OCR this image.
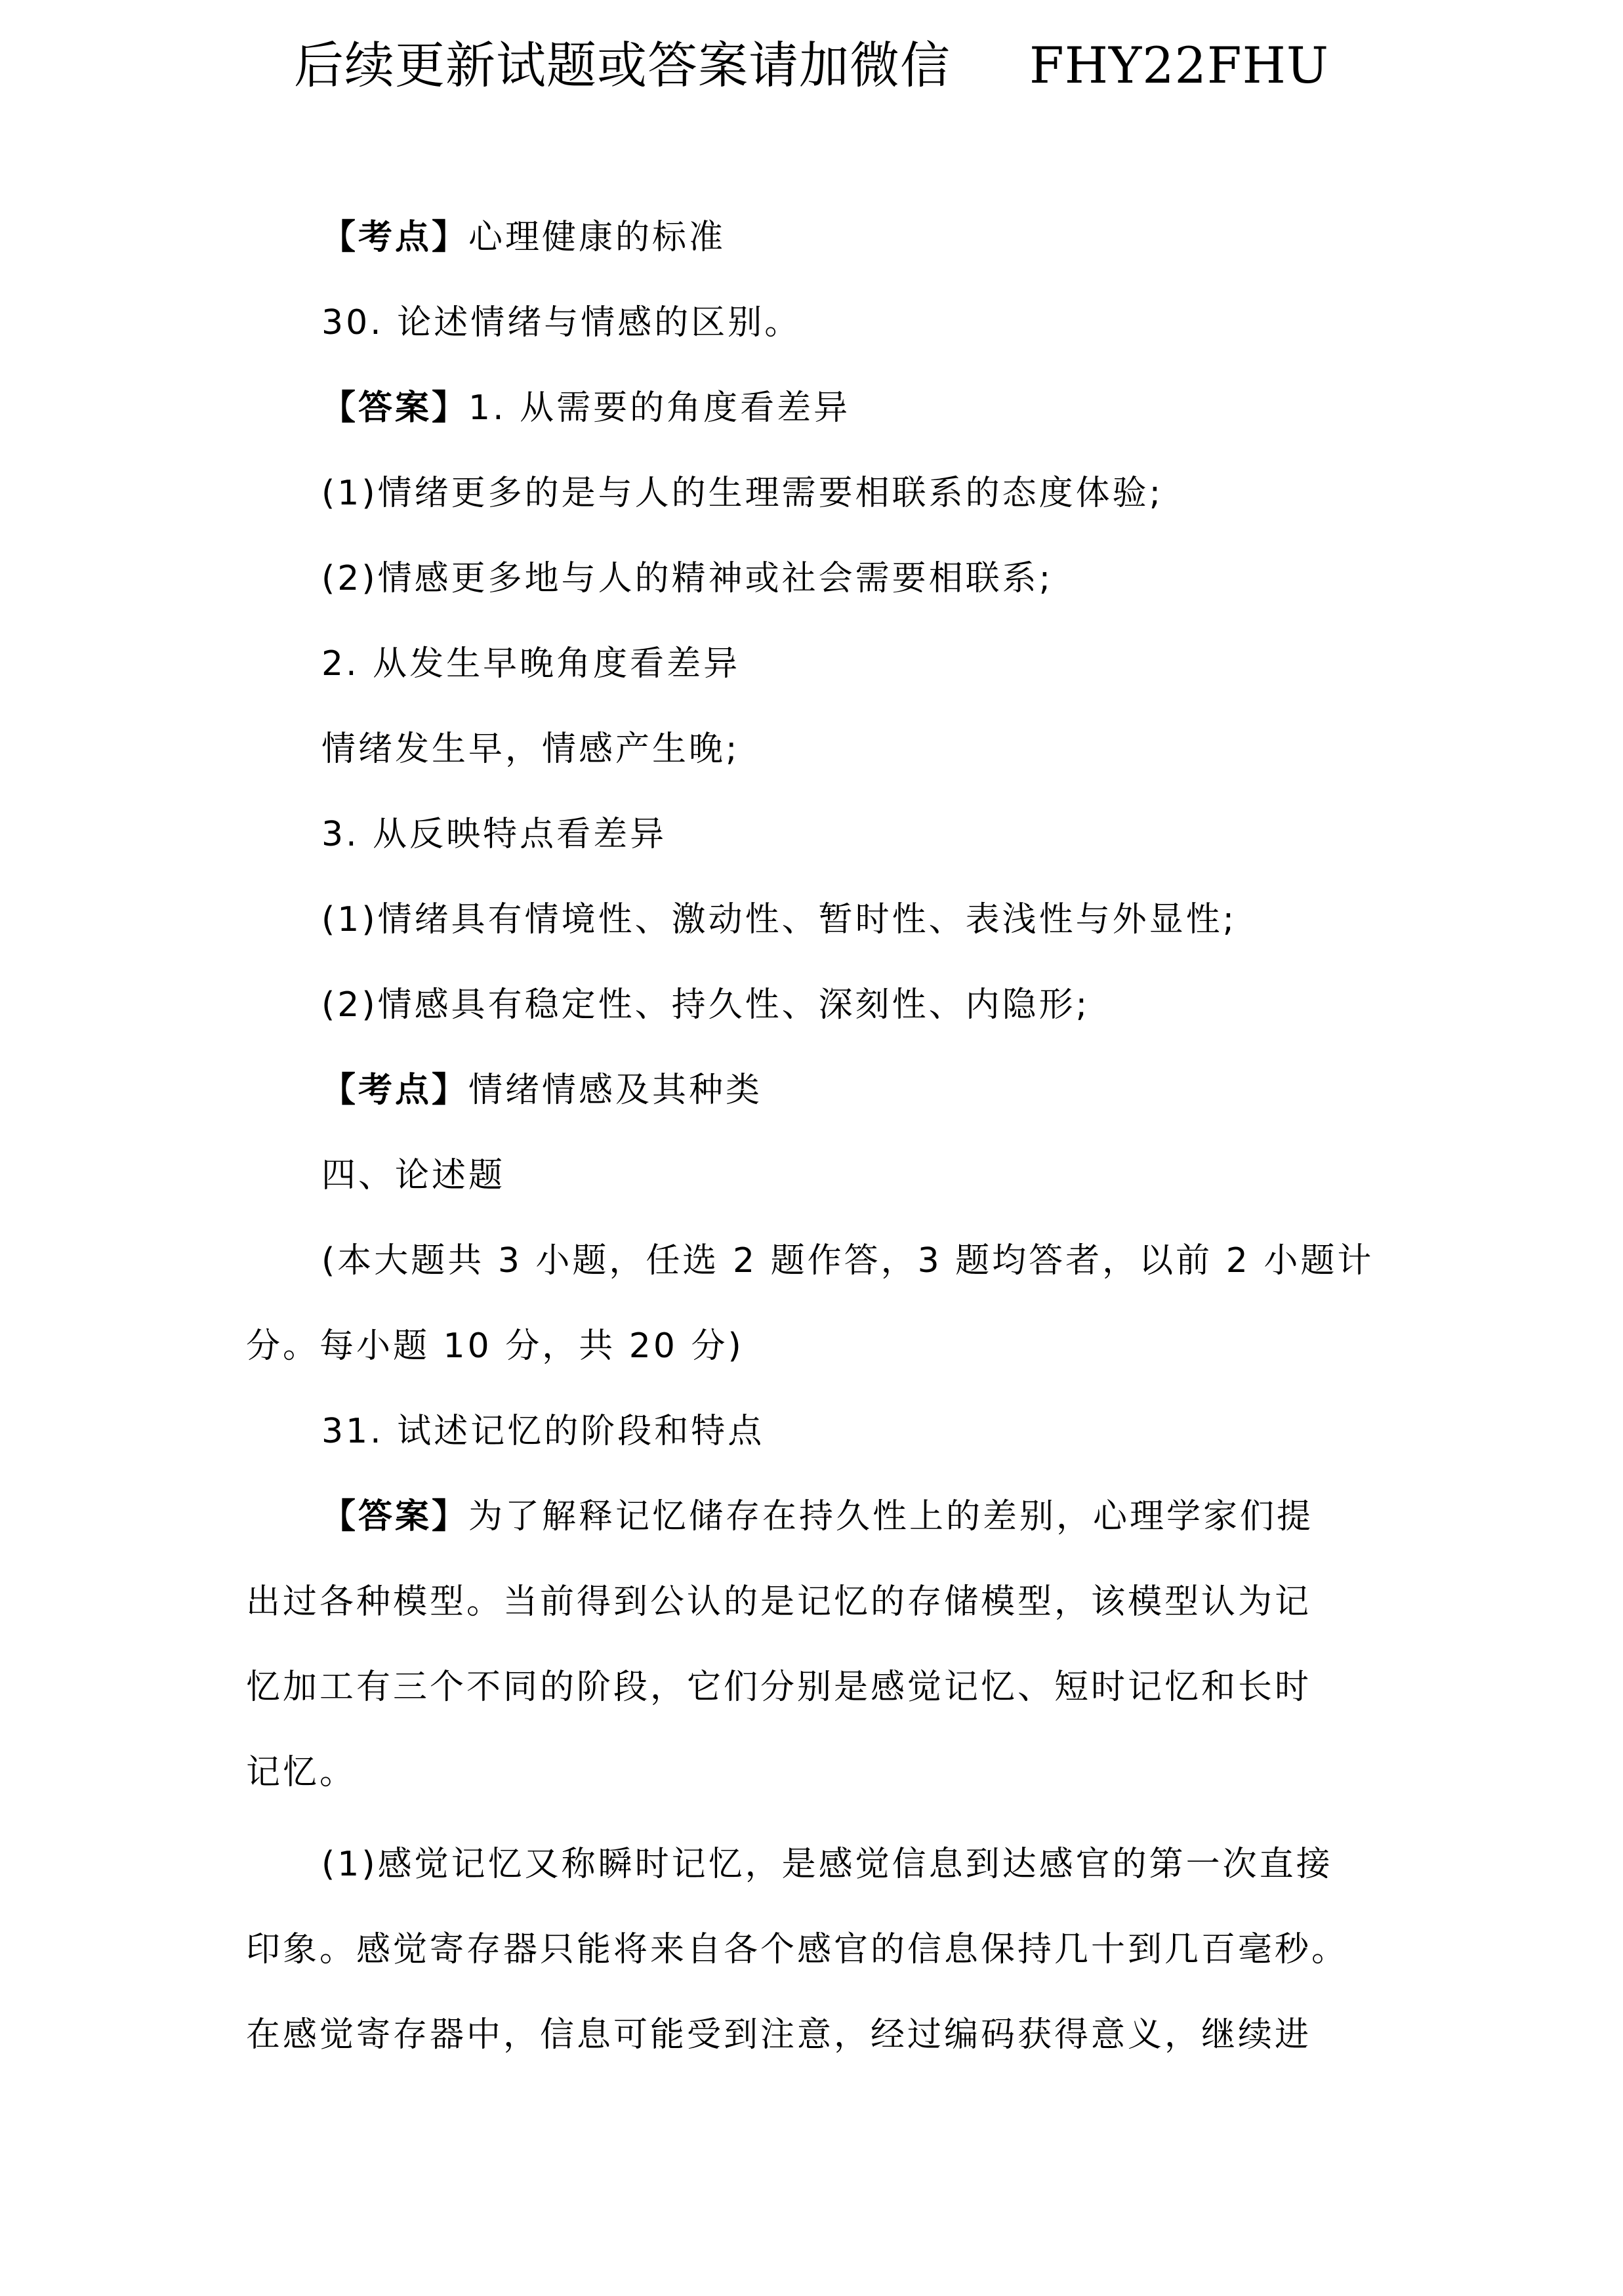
后续更新试题或答案请加微信 FHY22FHU
【考点】心理健康的标准
30. 论述情绪与情感的区别。
【答案】1. 从需要的角度看差异
(1)情绪更多的是与人的生理需要相联系的态度体验;
(2)情感更多地与人的精神或社会需要相联系;
2. 从发生早晚角度看差异
情绪发生早，情感产生晚;
3. 从反映特点看差异
(1)情绪具有情境性、激动性、暂时性、表浅性与外显性;
(2)情感具有稳定性、持久性、深刻性、内隐形;
【考点】情绪情感及其种类
四、论述题
(本大题共 3 小题，任选 2 题作答，3 题均答者，以前 2 小题计
分。每小题 10 分，共 20 分)
31. 试述记忆的阶段和特点
【答案】为了解释记忆储存在持久性上的差别，心理学家们提
出过各种模型。当前得到公认的是记忆的存储模型，该模型认为记
忆加工有三个不同的阶段，它们分别是感觉记忆、短时记忆和长时
记忆。
(1)感觉记忆又称瞬时记忆，是感觉信息到达感官的第一次直接
印象。感觉寄存器只能将来自各个感官的信息保持几十到几百毫秒。
在感觉寄存器中，信息可能受到注意，经过编码获得意义，继续进
